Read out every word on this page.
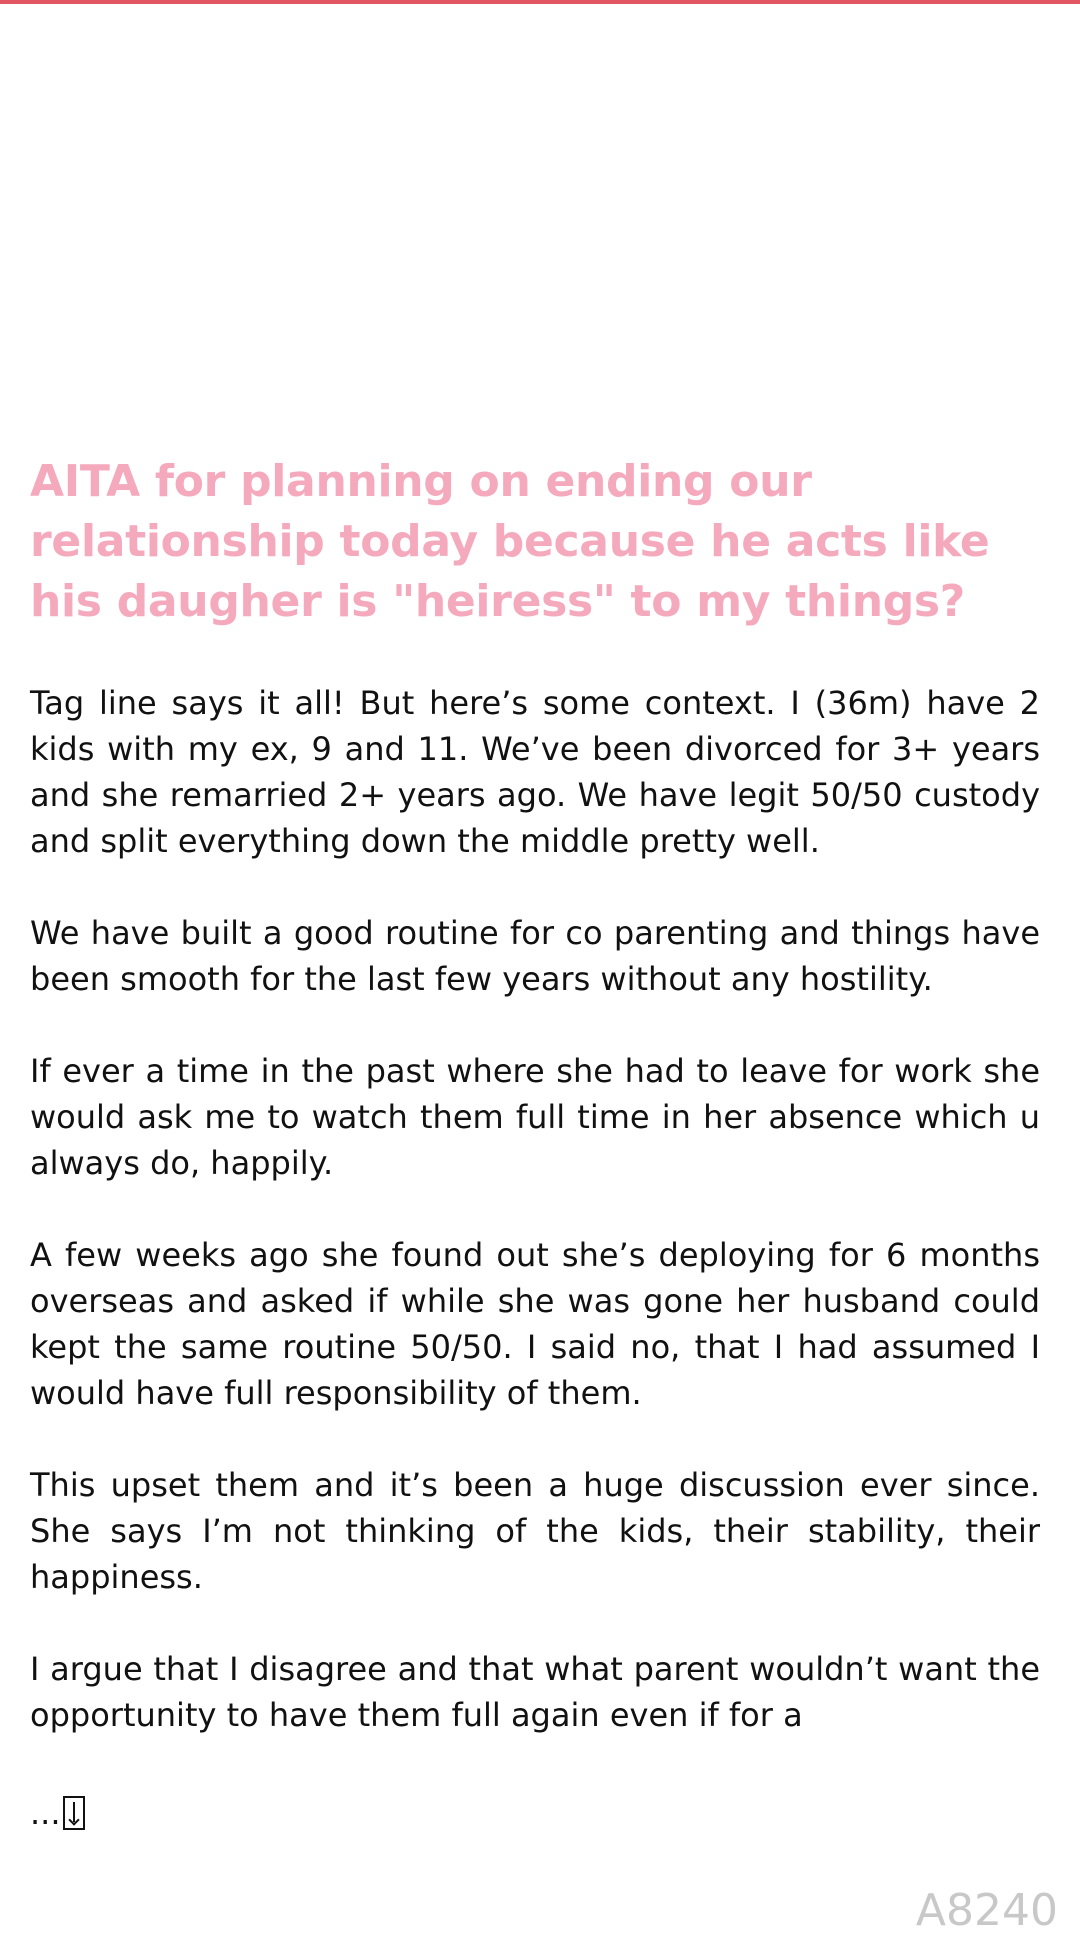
AITA for planning on ending our relationship today because he acts like his daugher is "heiress" to my things?

Tag line says it all! But here’s some context. I (36m) have 2 kids with my ex, 9 and 11. We’ve been divorced for 3+ years and she remarried 2+ years ago. We have legit 50/50 custody and split everything down the middle pretty well.

We have built a good routine for co parenting and things have been smooth for the last few years without any hostility.

If ever a time in the past where she had to leave for work she would ask me to watch them full time in her absence which u always do, happily.

A few weeks ago she found out she’s deploying for 6 months overseas and asked if while she was gone her husband could kept the same routine 50/50. I said no, that I had assumed I would have full responsibility of them.

This upset them and it’s been a huge discussion ever since. She says I’m not thinking of the kids, their stability, their happiness.

I argue that I disagree and that what parent wouldn’t want the opportunity to have them full again even if for a

...
A8240
